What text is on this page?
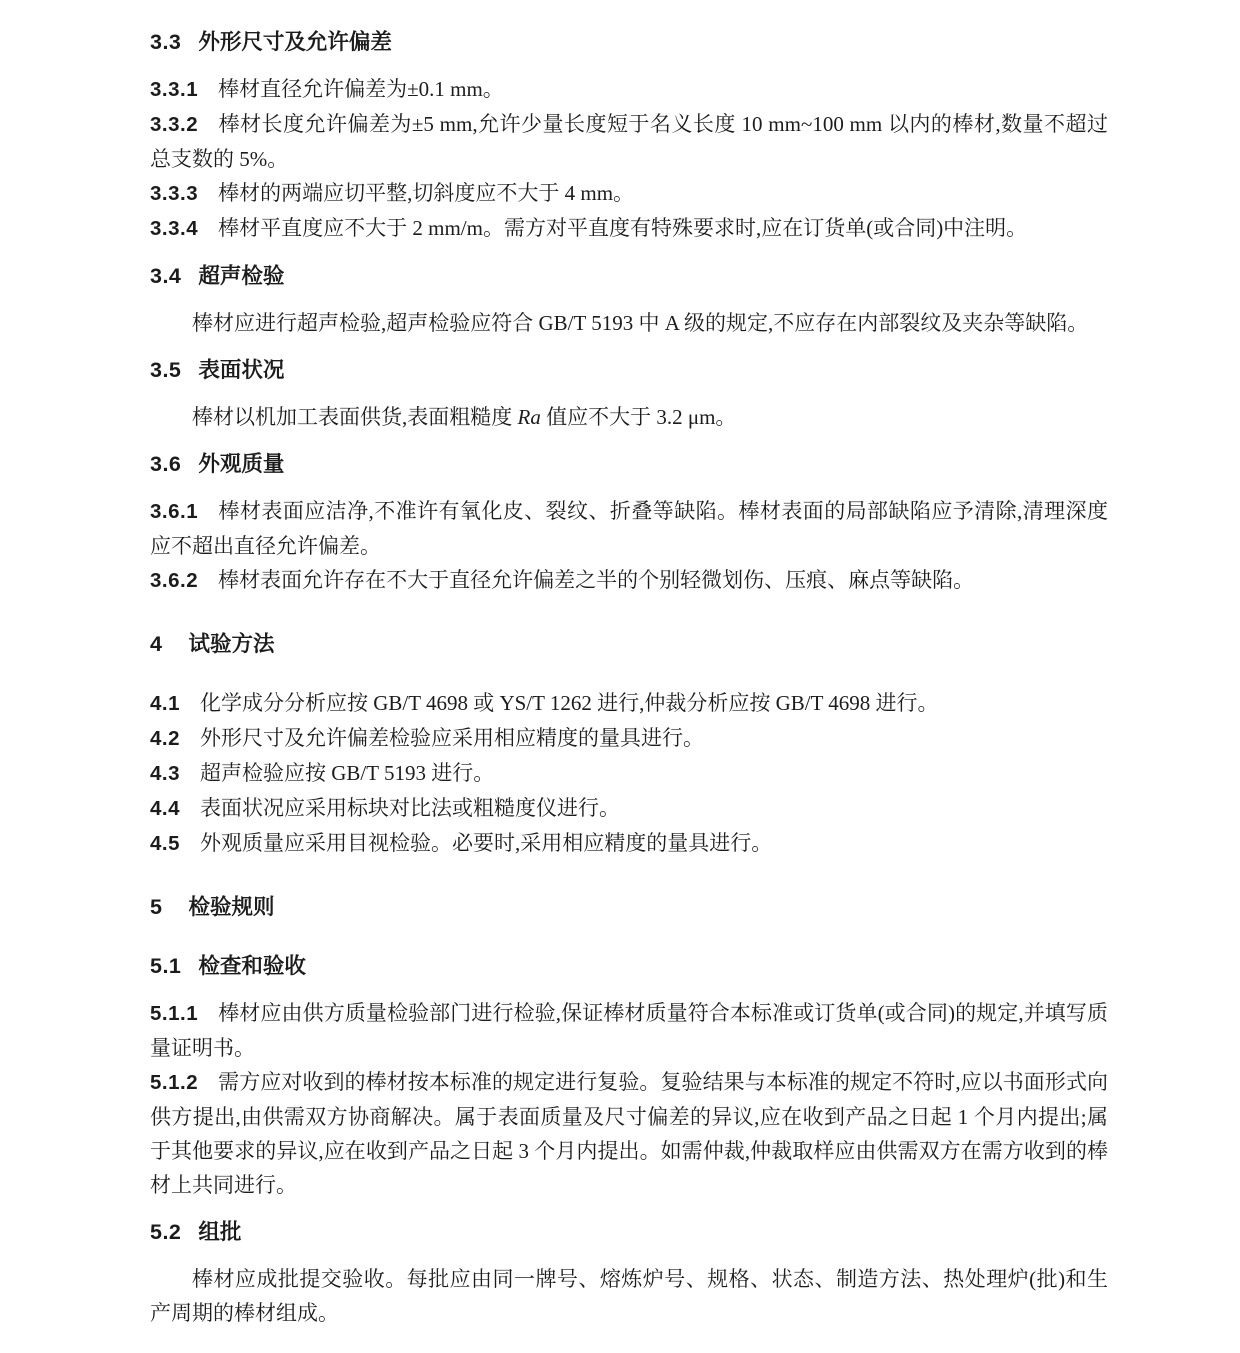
3.3 外形尺寸及允许偏差

3.3.1 棒材直径允许偏差为±0.1 mm。

3.3.2 棒材长度允许偏差为±5 mm,允许少量长度短于名义长度 10 mm~100 mm 以内的棒材,数量不超过总支数的 5%。

3.3.3 棒材的两端应切平整,切斜度应不大于 4 mm。

3.3.4 棒材平直度应不大于 2 mm/m。需方对平直度有特殊要求时,应在订货单(或合同)中注明。

3.4 超声检验

棒材应进行超声检验,超声检验应符合 GB/T 5193 中 A 级的规定,不应存在内部裂纹及夹杂等缺陷。

3.5 表面状况

棒材以机加工表面供货,表面粗糙度 Ra 值应不大于 3.2 μm。

3.6 外观质量

3.6.1 棒材表面应洁净,不准许有氧化皮、裂纹、折叠等缺陷。棒材表面的局部缺陷应予清除,清理深度应不超出直径允许偏差。

3.6.2 棒材表面允许存在不大于直径允许偏差之半的个别轻微划伤、压痕、麻点等缺陷。

4 试验方法

4.1 化学成分分析应按 GB/T 4698 或 YS/T 1262 进行,仲裁分析应按 GB/T 4698 进行。

4.2 外形尺寸及允许偏差检验应采用相应精度的量具进行。

4.3 超声检验应按 GB/T 5193 进行。

4.4 表面状况应采用标块对比法或粗糙度仪进行。

4.5 外观质量应采用目视检验。必要时,采用相应精度的量具进行。

5 检验规则

5.1 检查和验收

5.1.1 棒材应由供方质量检验部门进行检验,保证棒材质量符合本标准或订货单(或合同)的规定,并填写质量证明书。

5.1.2 需方应对收到的棒材按本标准的规定进行复验。复验结果与本标准的规定不符时,应以书面形式向供方提出,由供需双方协商解决。属于表面质量及尺寸偏差的异议,应在收到产品之日起 1 个月内提出;属于其他要求的异议,应在收到产品之日起 3 个月内提出。如需仲裁,仲裁取样应由供需双方在需方收到的棒材上共同进行。

5.2 组批

棒材应成批提交验收。每批应由同一牌号、熔炼炉号、规格、状态、制造方法、热处理炉(批)和生产周期的棒材组成。
